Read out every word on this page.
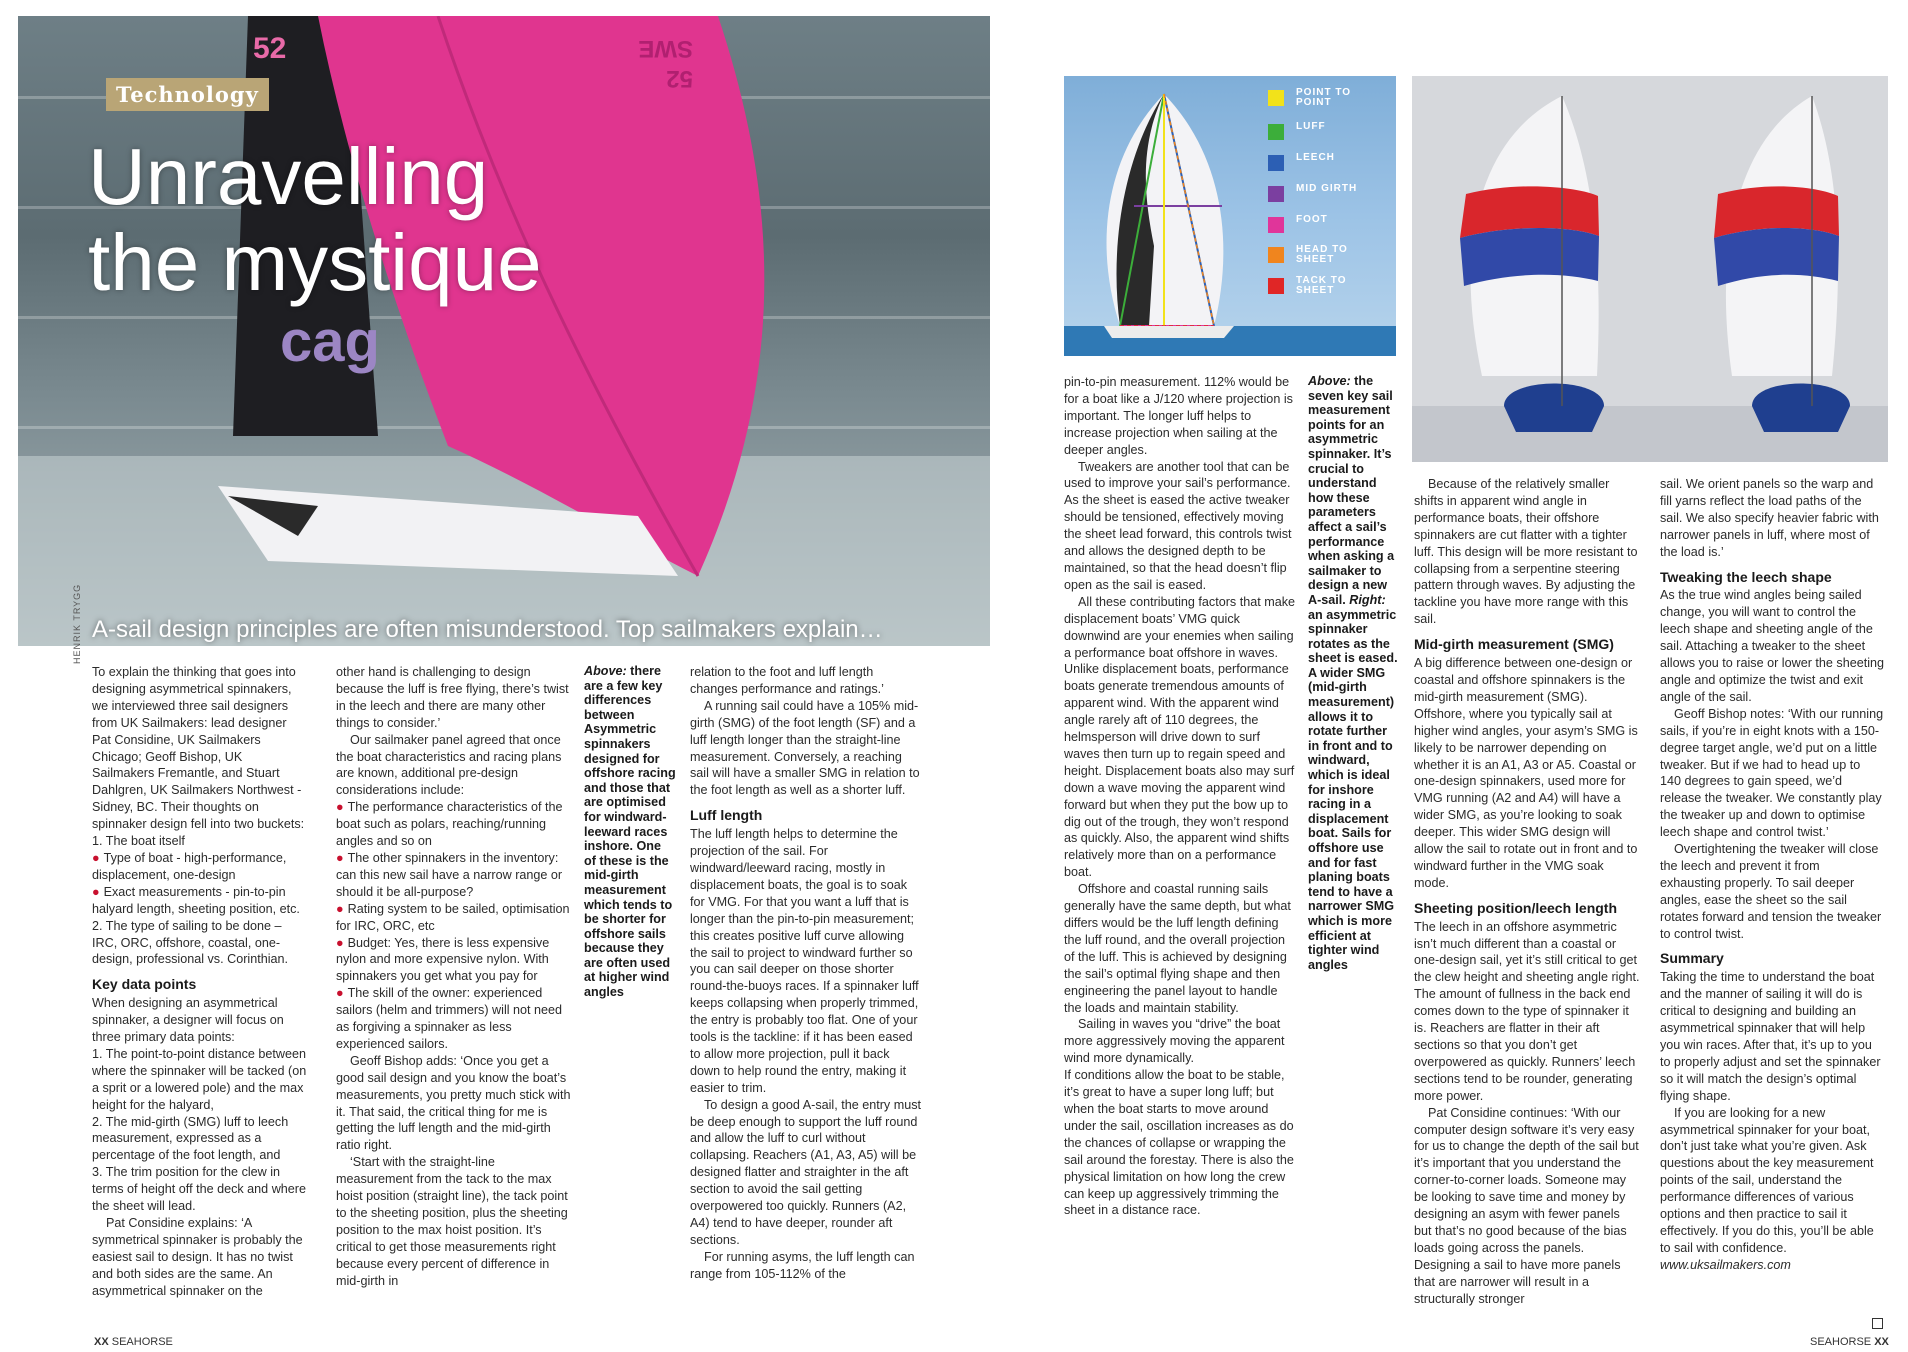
52	SWE
52
cag
Technology
Unravelling the mystique
A-sail design principles are often misunderstood. Top sailmakers explain…
HENRIK TRYGG

To explain the thinking that goes into designing asymmetrical spinnakers, we interviewed three sail designers from UK Sailmakers: lead designer Pat Considine, UK Sailmakers Chicago; Geoff Bishop, UK Sailmakers Fremantle, and Stuart Dahlgren, UK Sailmakers Northwest - Sidney, BC. Their thoughts on spinnaker design fell into two buckets:

1. The boat itself

● Type of boat - high-performance, displacement, one-design

● Exact measurements - pin-to-pin halyard length, sheeting position, etc.

2. The type of sailing to be done – IRC, ORC, offshore, coastal, one-design, professional vs. Corinthian.

Key data points

When designing an asymmetrical spinnaker, a designer will focus on three primary data points:

1. The point-to-point distance between where the spinnaker will be tacked (on a sprit or a lowered pole) and the max height for the halyard,

2. The mid-girth (SMG) luff to leech measurement, expressed as a percentage of the foot length, and

3. The trim position for the clew in terms of height off the deck and where the sheet will lead.

Pat Considine explains: ‘A symmetrical spinnaker is probably the easiest sail to design. It has no twist and both sides are the same. An asymmetrical spinnaker on the

other hand is challenging to design because the luff is free flying, there’s twist in the leech and there are many other things to consider.’

Our sailmaker panel agreed that once the boat characteristics and racing plans are known, additional pre-design considerations include:

● The performance characteristics of the boat such as polars, reaching/running angles and so on

● The other spinnakers in the inventory: can this new sail have a narrow range or should it be all-purpose?

● Rating system to be sailed, optimisation for IRC, ORC, etc

● Budget: Yes, there is less expensive nylon and more expensive nylon. With spinnakers you get what you pay for

● The skill of the owner: experienced sailors (helm and trimmers) will not need as forgiving a spinnaker as less experienced sailors.

Geoff Bishop adds: ‘Once you get a good sail design and you know the boat’s measurements, you pretty much stick with it. That said, the critical thing for me is getting the luff length and the mid-girth ratio right.

‘Start with the straight-line measurement from the tack to the max hoist position (straight line), the tack point to the sheeting position, plus the sheeting position to the max hoist position. It’s critical to get those measurements right because every percent of difference in mid-girth in

Above: there are a few key differences between Asymmetric spinnakers designed for offshore racing and those that are optimised for windward-leeward races inshore. One of these is the mid-girth measurement which tends to be shorter for offshore sails because they are often used at higher wind angles

relation to the foot and luff length changes performance and ratings.’

A running sail could have a 105% mid-girth (SMG) of the foot length (SF) and a luff length longer than the straight-line measurement. Conversely, a reaching sail will have a smaller SMG in relation to the foot length as well as a shorter luff.

Luff length

The luff length helps to determine the projection of the sail. For windward/leeward racing, mostly in displacement boats, the goal is to soak for VMG. For that you want a luff that is longer than the pin-to-pin measurement; this creates positive luff curve allowing the sail to project to windward further so you can sail deeper on those shorter round-the-buoys races. If a spinnaker luff keeps collapsing when properly trimmed, the entry is probably too flat. One of your tools is the tackline: if it has been eased to allow more projection, pull it back down to help round the entry, making it easier to trim.

To design a good A-sail, the entry must be deep enough to support the luff round and allow the luff to curl without collapsing. Reachers (A1, A3, A5) will be designed flatter and straighter in the aft section to avoid the sail getting overpowered too quickly. Runners (A2, A4) tend to have deeper, rounder aft sections.

For running asyms, the luff length can range from 105-112% of the

XX SEAHORSE
POINT TO POINT
LUFF
LEECH
MID GIRTH
FOOT
HEAD TO SHEET
TACK TO SHEET

pin-to-pin measurement. 112% would be for a boat like a J/120 where projection is important. The longer luff helps to increase projection when sailing at the deeper angles.

Tweakers are another tool that can be used to improve your sail’s performance. As the sheet is eased the active tweaker should be tensioned, effectively moving the sheet lead forward, this controls twist and allows the designed depth to be maintained, so that the head doesn’t flip open as the sail is eased.

All these contributing factors that make displacement boats’ VMG quick downwind are your enemies when sailing a performance boat offshore in waves. Unlike displacement boats, performance boats generate tremendous amounts of apparent wind. With the apparent wind angle rarely aft of 110 degrees, the helmsperson will drive down to surf waves then turn up to regain speed and height. Displacement boats also may surf down a wave moving the apparent wind forward but when they put the bow up to dig out of the trough, they won’t respond as quickly. Also, the apparent wind shifts relatively more than on a performance boat.

Offshore and coastal running sails generally have the same depth, but what differs would be the luff length defining the luff round, and the overall projection of the luff. This is achieved by designing the sail’s optimal flying shape and then engineering the panel layout to handle the loads and maintain stability.

Sailing in waves you “drive” the boat more aggressively moving the apparent wind more dynamically.

If conditions allow the boat to be stable, it’s great to have a super long luff; but when the boat starts to move around under the sail, oscillation increases as do the chances of collapse or wrapping the sail around the forestay. There is also the physical limitation on how long the crew can keep up aggressively trimming the sheet in a distance race.

Above: the seven key sail measurement points for an asymmetric spinnaker. It’s crucial to understand how these parameters affect a sail’s performance when asking a sailmaker to design a new A-sail. Right: an asymmetric spinnaker rotates as the sheet is eased. A wider SMG (mid-girth measurement) allows it to rotate further in front and to windward, which is ideal for inshore racing in a displacement boat. Sails for offshore use and for fast planing boats tend to have a narrower SMG which is more efficient at tighter wind angles

Because of the relatively smaller shifts in apparent wind angle in performance boats, their offshore spinnakers are cut flatter with a tighter luff. This design will be more resistant to collapsing from a serpentine steering pattern through waves. By adjusting the tackline you have more range with this sail.

Mid-girth measurement (SMG)

A big difference between one-design or coastal and offshore spinnakers is the mid-girth measurement (SMG). Offshore, where you typically sail at higher wind angles, your asym’s SMG is likely to be narrower depending on whether it is an A1, A3 or A5. Coastal or one-design spinnakers, used more for VMG running (A2 and A4) will have a wider SMG, as you’re looking to soak deeper. This wider SMG design will allow the sail to rotate out in front and to windward further in the VMG soak mode.

Sheeting position/leech length

The leech in an offshore asymmetric isn’t much different than a coastal or one-design sail, yet it’s still critical to get the clew height and sheeting angle right. The amount of fullness in the back end comes down to the type of spinnaker it is. Reachers are flatter in their aft sections so that you don’t get overpowered as quickly. Runners’ leech sections tend to be rounder, generating more power.

Pat Considine continues: ‘With our computer design software it’s very easy for us to change the depth of the sail but it’s important that you understand the corner-to-corner loads. Someone may be looking to save time and money by designing an asym with fewer panels but that’s no good because of the bias loads going across the panels. Designing a sail to have more panels that are narrower will result in a structurally stronger

sail. We orient panels so the warp and fill yarns reflect the load paths of the sail. We also specify heavier fabric with narrower panels in luff, where most of the load is.’

Tweaking the leech shape

As the true wind angles being sailed change, you will want to control the leech shape and sheeting angle of the sail. Attaching a tweaker to the sheet allows you to raise or lower the sheeting angle and optimize the twist and exit angle of the sail.

Geoff Bishop notes: ‘With our running sails, if you’re in eight knots with a 150-degree target angle, we’d put on a little tweaker. But if we had to head up to 140 degrees to gain speed, we’d release the tweaker. We constantly play the tweaker up and down to optimise leech shape and control twist.’

Overtightening the tweaker will close the leech and prevent it from exhausting properly. To sail deeper angles, ease the sheet so the sail rotates forward and tension the tweaker to control twist.

Summary

Taking the time to understand the boat and the manner of sailing it will do is critical to designing and building an asymmetrical spinnaker that will help you win races. After that, it’s up to you to properly adjust and set the spinnaker so it will match the design’s optimal flying shape.

If you are looking for a new asymmetrical spinnaker for your boat, don’t just take what you’re given. Ask questions about the key measurement points of the sail, understand the performance differences of various options and then practice to sail it effectively. If you do this, you’ll be able to sail with confidence.

www.uksailmakers.com

SEAHORSE XX
